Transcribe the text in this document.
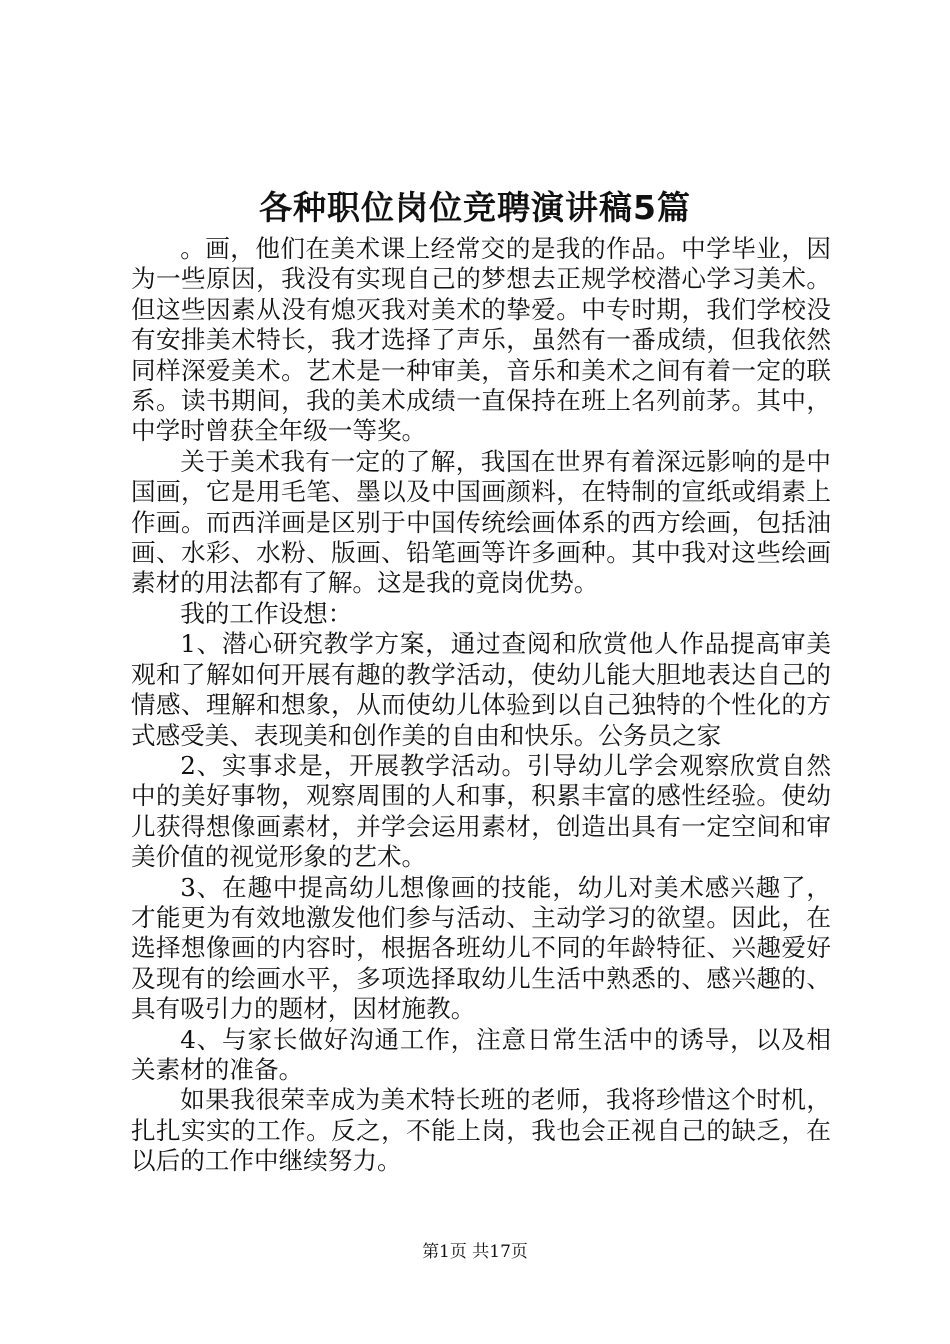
各种职位岗位竞聘演讲稿5篇

。画，他们在美术课上经常交的是我的作品。中学毕业，因为一些原因，我没有实现自己的梦想去正规学校潜心学习美术。但这些因素从没有熄灭我对美术的挚爱。中专时期，我们学校没有安排美术特长，我才选择了声乐，虽然有一番成绩，但我依然同样深爱美术。艺术是一种审美，音乐和美术之间有着一定的联系。读书期间，我的美术成绩一直保持在班上名列前茅。其中，中学时曾获全年级一等奖。

关于美术我有一定的了解，我国在世界有着深远影响的是中国画，它是用毛笔、墨以及中国画颜料，在特制的宣纸或绢素上作画。而西洋画是区别于中国传统绘画体系的西方绘画，包括油画、水彩、水粉、版画、铅笔画等许多画种。其中我对这些绘画素材的用法都有了解。这是我的竟岗优势。

我的工作设想：

1、潜心研究教学方案，通过查阅和欣赏他人作品提高审美观和了解如何开展有趣的教学活动，使幼儿能大胆地表达自己的情感、理解和想象，从而使幼儿体验到以自己独特的个性化的方式感受美、表现美和创作美的自由和快乐。公务员之家

2、实事求是，开展教学活动。引导幼儿学会观察欣赏自然中的美好事物，观察周围的人和事，积累丰富的感性经验。使幼儿获得想像画素材，并学会运用素材，创造出具有一定空间和审美价值的视觉形象的艺术。

3、在趣中提高幼儿想像画的技能，幼儿对美术感兴趣了，才能更为有效地激发他们参与活动、主动学习的欲望。因此，在选择想像画的内容时，根据各班幼儿不同的年龄特征、兴趣爱好及现有的绘画水平，多项选择取幼儿生活中熟悉的、感兴趣的、具有吸引力的题材，因材施教。

4、与家长做好沟通工作，注意日常生活中的诱导，以及相关素材的准备。

如果我很荣幸成为美术特长班的老师，我将珍惜这个时机，扎扎实实的工作。反之，不能上岗，我也会正视自己的缺乏，在以后的工作中继续努力。

第1页 共17页
